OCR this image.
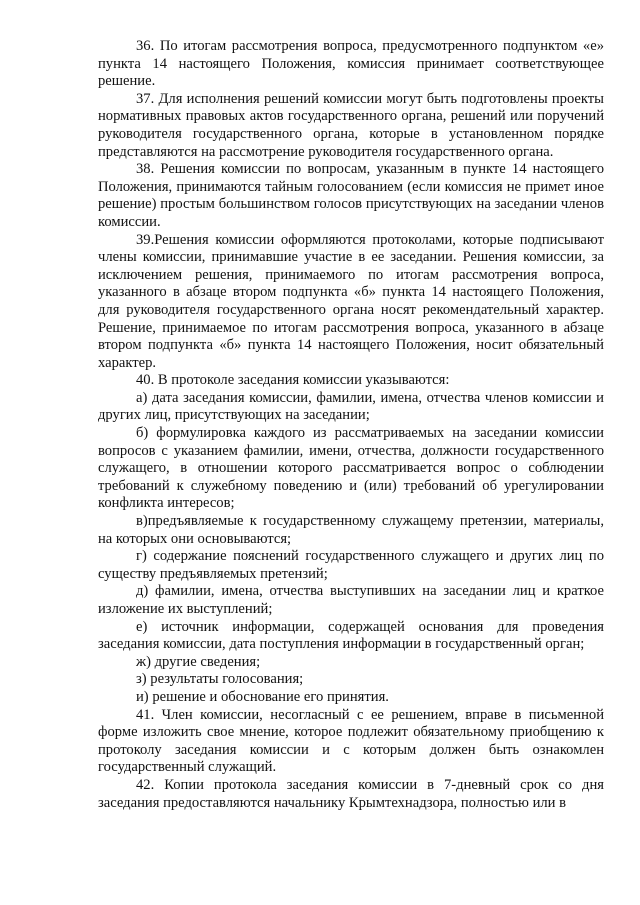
36. По итогам рассмотрения вопроса, предусмотренного подпунктом «е» пункта 14 настоящего Положения, комиссия принимает соответствующее решение.

37. Для исполнения решений комиссии могут быть подготовлены проекты нормативных правовых актов государственного органа, решений или поручений руководителя государственного органа, которые в установленном порядке представляются на рассмотрение руководителя государственного органа.

38. Решения комиссии по вопросам, указанным в пункте 14 настоящего Положения, принимаются тайным голосованием (если комиссия не примет иное решение) простым большинством голосов присутствующих на заседании членов комиссии.

39.Решения комиссии оформляются протоколами, которые подписывают члены комиссии, принимавшие участие в ее заседании. Решения комиссии, за исключением решения, принимаемого по итогам рассмотрения вопроса, указанного в абзаце втором подпункта «б» пункта 14 настоящего Положения, для руководителя государственного органа носят рекомендательный характер. Решение, принимаемое по итогам рассмотрения вопроса, указанного в абзаце втором подпункта «б» пункта 14 настоящего Положения, носит обязательный характер.

40. В протоколе заседания комиссии указываются:

а) дата заседания комиссии, фамилии, имена, отчества членов комиссии и других лиц, присутствующих на заседании;

б) формулировка каждого из рассматриваемых на заседании комиссии вопросов с указанием фамилии, имени, отчества, должности государственного служащего, в отношении которого рассматривается вопрос о соблюдении требований к служебному поведению и (или) требований об урегулировании конфликта интересов;

в)предъявляемые к государственному служащему претензии, материалы, на которых они основываются;

г) содержание пояснений государственного служащего и других лиц по существу предъявляемых претензий;

д) фамилии, имена, отчества выступивших на заседании лиц и краткое изложение их выступлений;

е) источник информации, содержащей основания для проведения заседания комиссии, дата поступления информации в государственный орган;

ж) другие сведения;

з) результаты голосования;

и) решение и обоснование его принятия.

41. Член комиссии, несогласный с ее решением, вправе в письменной форме изложить свое мнение, которое подлежит обязательному приобщению к протоколу заседания комиссии и с которым должен быть ознакомлен государственный служащий.

42. Копии протокола заседания комиссии в 7-дневный срок со дня заседания предоставляются начальнику Крымтехнадзора, полностью или в
